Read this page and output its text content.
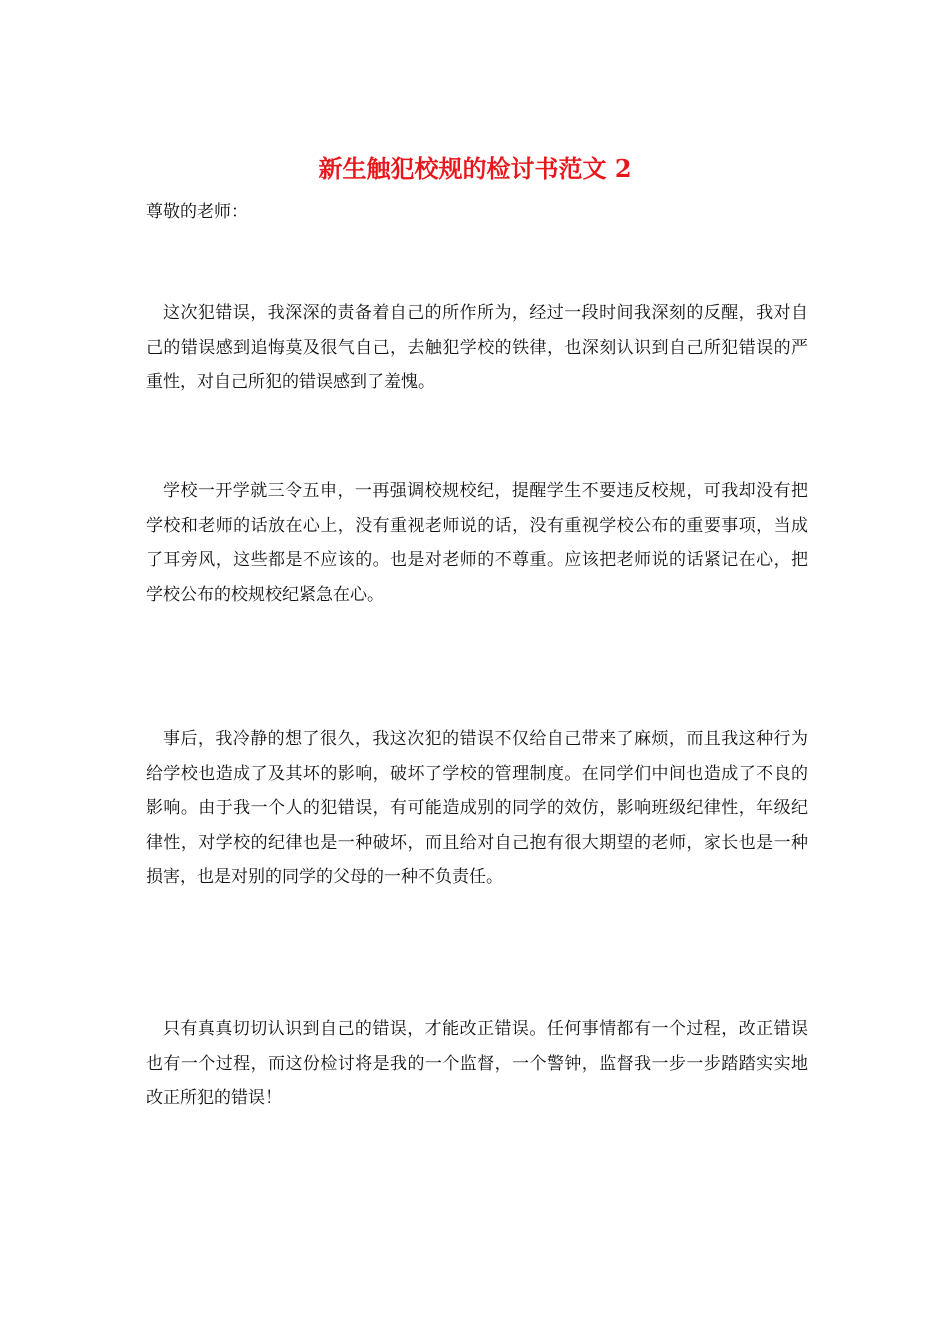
新生触犯校规的检讨书范文 2
尊敬的老师：

这次犯错误，我深深的责备着自己的所作所为，经过一段时间我深刻的反醒，我对自己的错误感到追悔莫及很气自己，去触犯学校的铁律，也深刻认识到自己所犯错误的严重性，对自己所犯的错误感到了羞愧。

学校一开学就三令五申，一再强调校规校纪，提醒学生不要违反校规，可我却没有把学校和老师的话放在心上，没有重视老师说的话，没有重视学校公布的重要事项，当成了耳旁风，这些都是不应该的。也是对老师的不尊重。应该把老师说的话紧记在心，把学校公布的校规校纪紧急在心。

事后，我冷静的想了很久，我这次犯的错误不仅给自己带来了麻烦，而且我这种行为给学校也造成了及其坏的影响，破坏了学校的管理制度。在同学们中间也造成了不良的影响。由于我一个人的犯错误，有可能造成别的同学的效仿，影响班级纪律性，年级纪律性，对学校的纪律也是一种破坏，而且给对自己抱有很大期望的老师，家长也是一种损害，也是对别的同学的父母的一种不负责任。

只有真真切切认识到自己的错误，才能改正错误。任何事情都有一个过程，改正错误也有一个过程，而这份检讨将是我的一个监督，一个警钟，监督我一步一步踏踏实实地改正所犯的错误！
